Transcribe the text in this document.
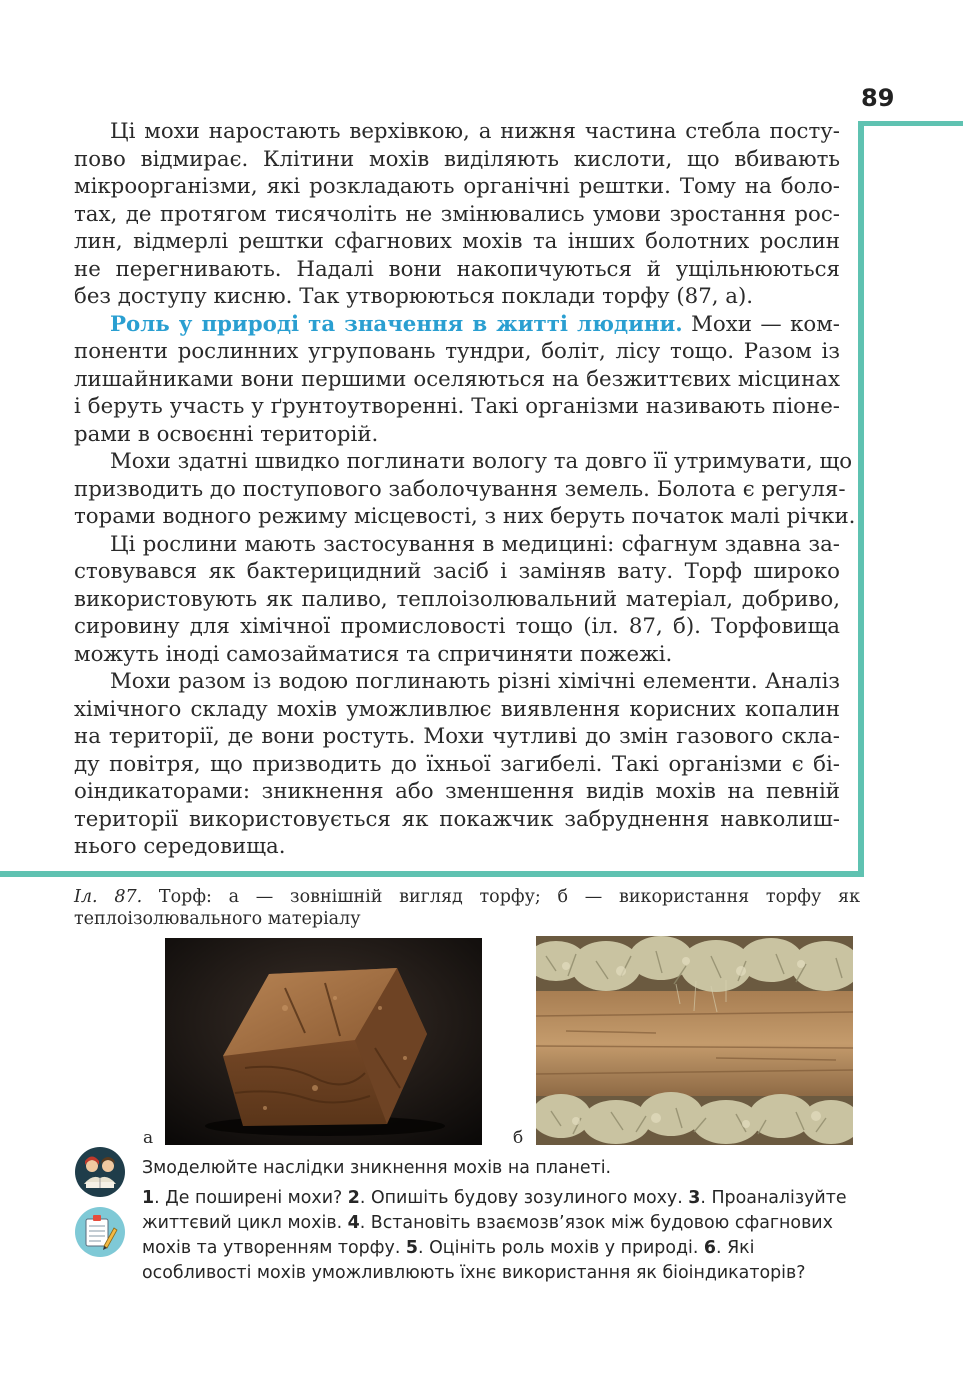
89
Ці мохи наростають верхівкою, а нижня частина стебла посту-
пово відмирає. Клітини мохів виділяють кислоти, що вбивають
мікроорганізми, які розкладають органічні рештки. Тому на боло-
тах, де протягом тисячоліть не змінювались умови зростання рос-
лин, відмерлі рештки сфагнових мохів та інших болотних рослин
не перегнивають. Надалі вони накопичуються й ущільнюються
без доступу кисню. Так утворюються поклади торфу (87, а).
Роль у природі та значення в житті людини. Мохи — ком-
поненти рослинних угруповань тундри, боліт, лісу тощо. Разом із
лишайниками вони першими оселяються на безжиттєвих місцинах
і беруть участь у ґрунтоутворенні. Такі організми називають піоне-
рами в освоєнні територій.
Мохи здатні швидко поглинати вологу та довго її утримувати, що
призводить до поступового заболочування земель. Болота є регуля-
торами водного режиму місцевості, з них беруть початок малі річки.
Ці рослини мають застосування в медицині: сфагнум здавна за-
стовувався як бактерицидний засіб і заміняв вату. Торф широко
використовують як паливо, теплоізолювальний матеріал, добриво,
сировину для хімічної промисловості тощо (іл. 87, б). Торфовища
можуть іноді самозайматися та спричиняти пожежі.
Мохи разом із водою поглинають різні хімічні елементи. Аналіз
хімічного складу мохів уможливлює виявлення корисних копалин
на території, де вони ростуть. Мохи чутливі до змін газового скла-
ду повітря, що призводить до їхньої загибелі. Такі організми є бі-
оіндикаторами: зникнення або зменшення видів мохів на певній
території використовується як покажчик забруднення навколиш-
нього середовища.
Іл. 87. Торф: а — зовнішній вигляд торфу; б — використання торфу як
теплоізолювального матеріалу
а	б
Змоделюйте наслідки зникнення мохів на планеті.
1. Де поширені мохи? 2. Опишіть будову зозулиного моху. 3. Проаналізуйте життєвий цикл мохів. 4. Встановіть взаємозв’язок між будовою сфагнових мохів та утворенням торфу. 5. Оцініть роль мохів у природі. 6. Які особливості мохів уможливлюють їхнє використання як біоіндикаторів?
